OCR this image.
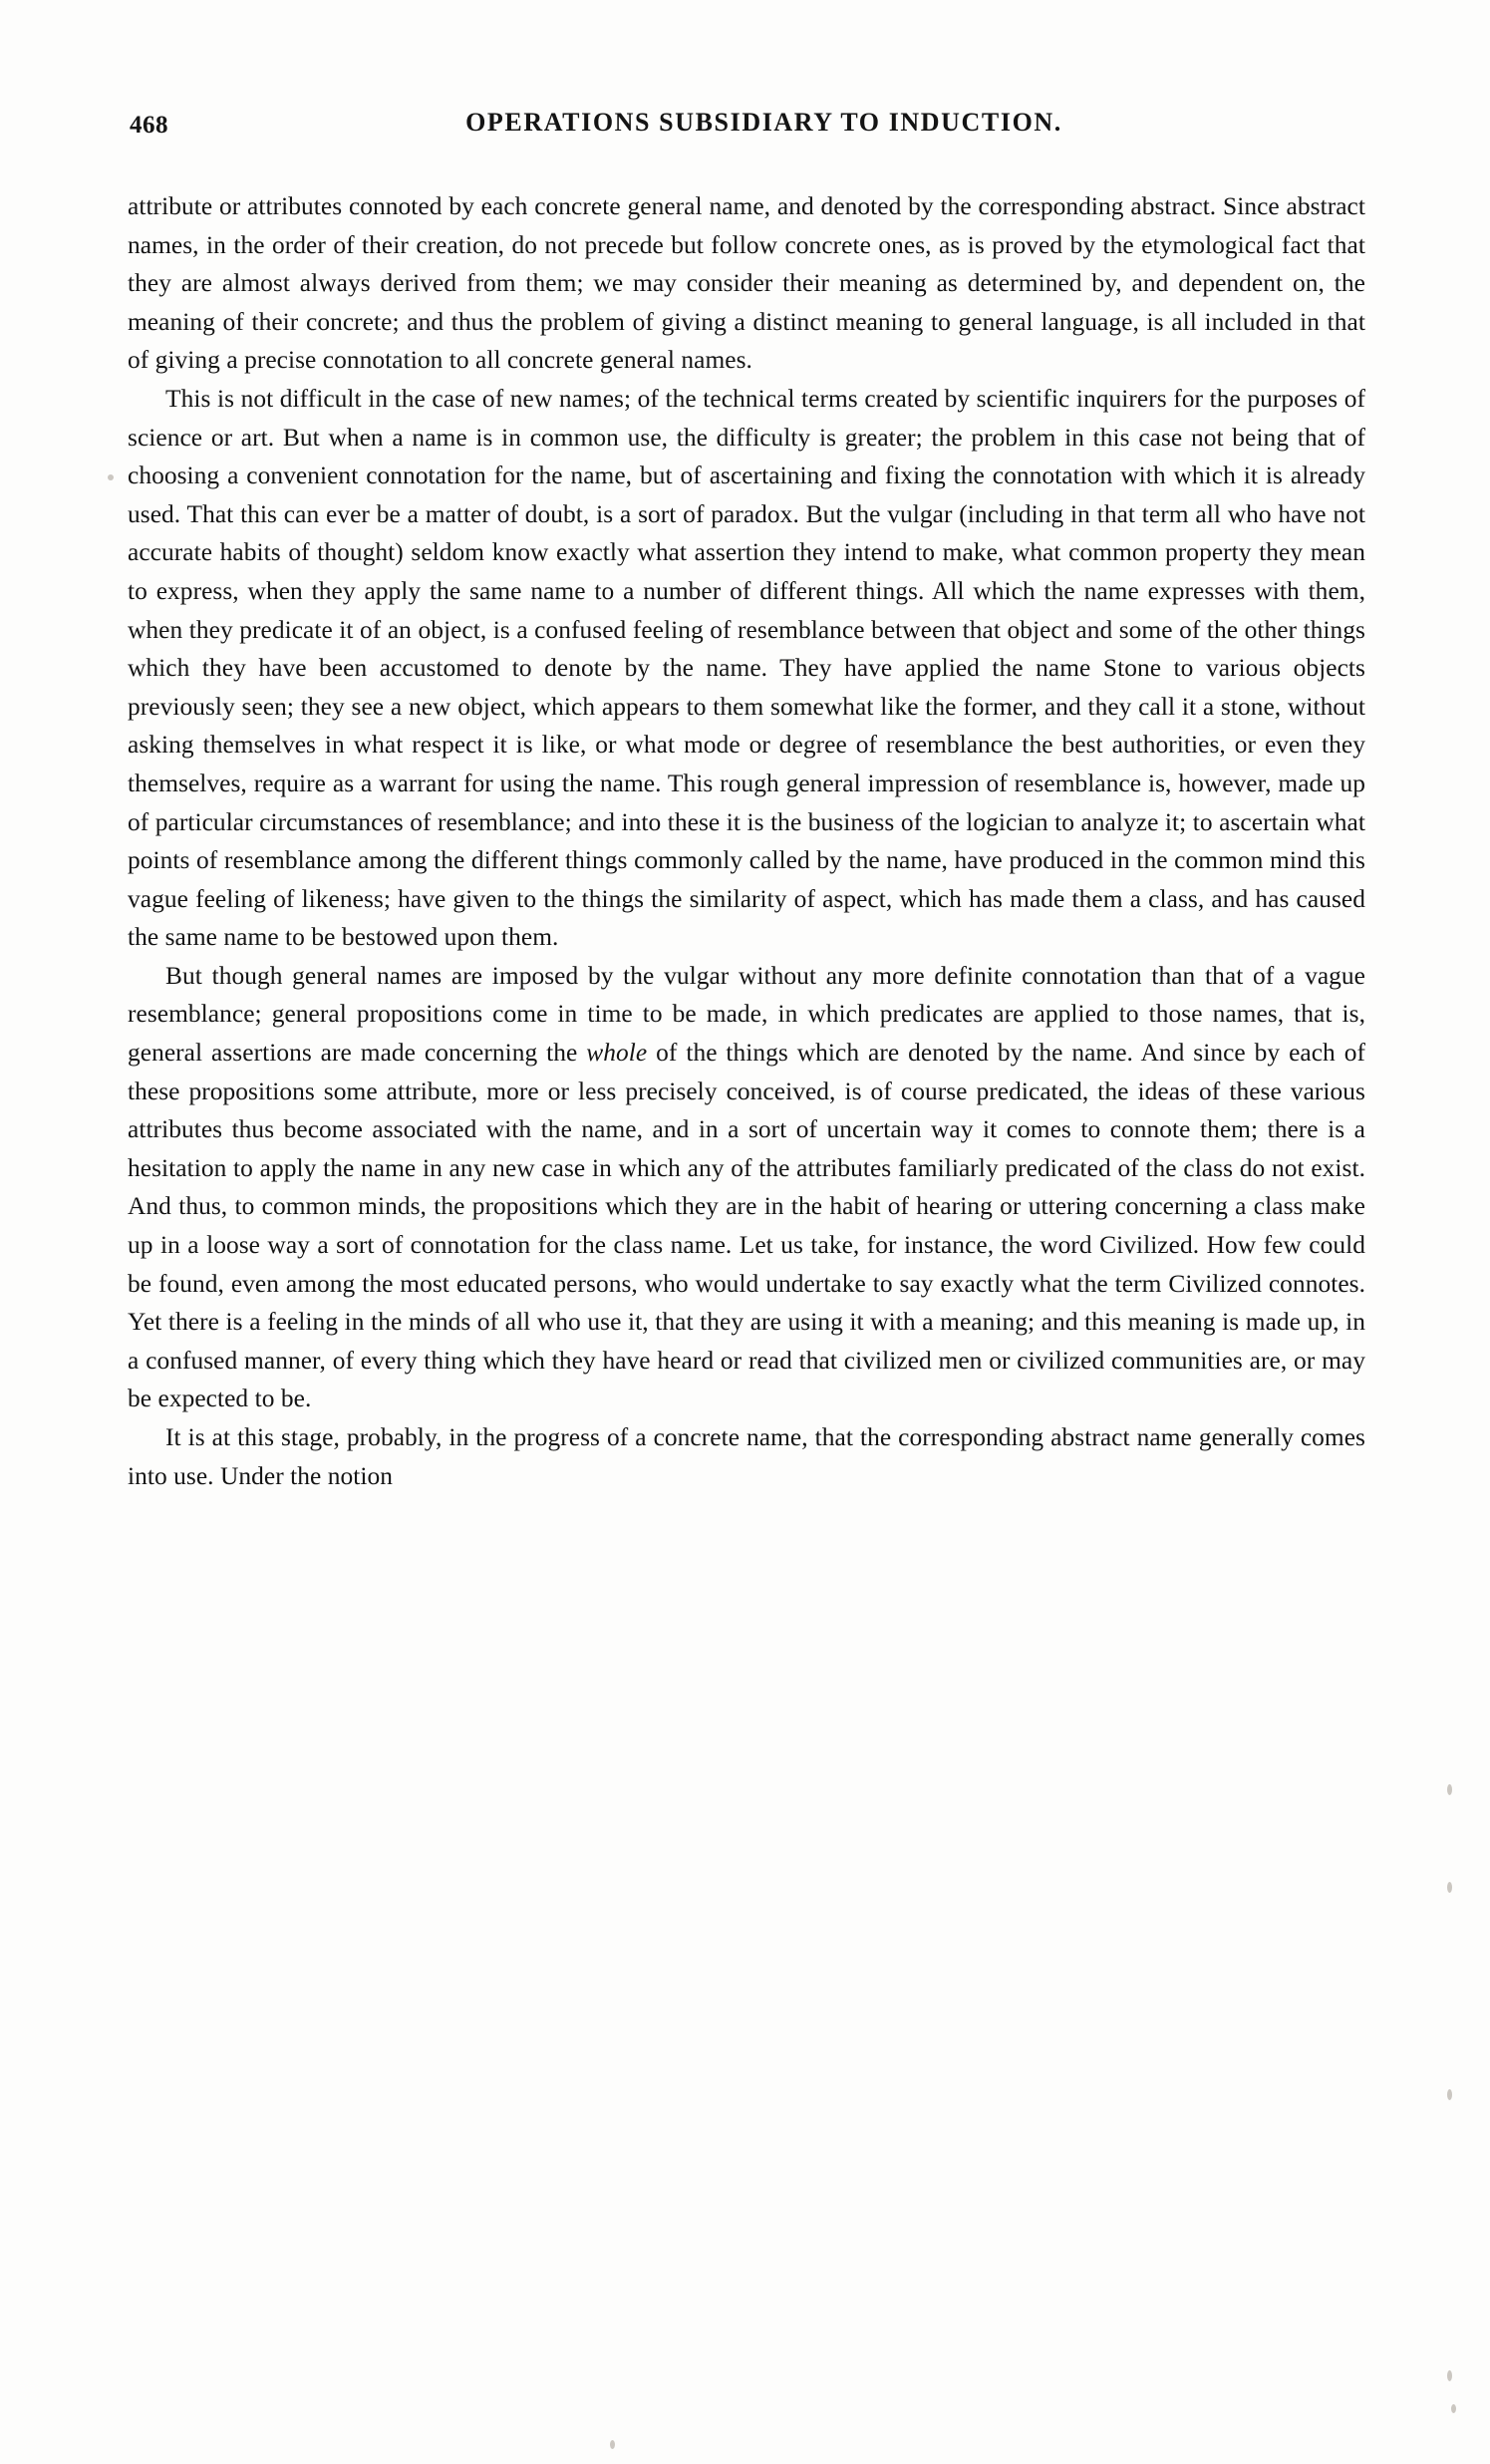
468	OPERATIONS SUBSIDIARY TO INDUCTION.

attribute or attributes connoted by each concrete general name, and denoted by the corresponding abstract. Since abstract names, in the order of their creation, do not precede but follow concrete ones, as is proved by the etymological fact that they are almost always derived from them; we may consider their meaning as determined by, and dependent on, the meaning of their concrete; and thus the problem of giving a distinct meaning to general language, is all included in that of giving a precise connotation to all concrete general names.

This is not difficult in the case of new names; of the technical terms created by scientific inquirers for the purposes of science or art. But when a name is in common use, the difficulty is greater; the problem in this case not being that of choosing a convenient connotation for the name, but of ascertaining and fixing the connotation with which it is already used. That this can ever be a matter of doubt, is a sort of paradox. But the vulgar (including in that term all who have not accurate habits of thought) seldom know exactly what assertion they intend to make, what common property they mean to express, when they apply the same name to a number of different things. All which the name expresses with them, when they predicate it of an object, is a confused feeling of resemblance between that object and some of the other things which they have been accustomed to denote by the name. They have applied the name Stone to various objects previously seen; they see a new object, which appears to them somewhat like the former, and they call it a stone, without asking themselves in what respect it is like, or what mode or degree of resemblance the best authorities, or even they themselves, require as a warrant for using the name. This rough general impression of resemblance is, however, made up of particular circumstances of resemblance; and into these it is the business of the logician to analyze it; to ascertain what points of resemblance among the different things commonly called by the name, have produced in the common mind this vague feeling of likeness; have given to the things the similarity of aspect, which has made them a class, and has caused the same name to be bestowed upon them.

But though general names are imposed by the vulgar without any more definite connotation than that of a vague resemblance; general propositions come in time to be made, in which predicates are applied to those names, that is, general assertions are made concerning the whole of the things which are denoted by the name. And since by each of these propositions some attribute, more or less precisely conceived, is of course predicated, the ideas of these various attributes thus become associated with the name, and in a sort of uncertain way it comes to connote them; there is a hesitation to apply the name in any new case in which any of the attributes familiarly predicated of the class do not exist. And thus, to common minds, the propositions which they are in the habit of hearing or uttering concerning a class make up in a loose way a sort of connotation for the class name. Let us take, for instance, the word Civilized. How few could be found, even among the most educated persons, who would undertake to say exactly what the term Civilized connotes. Yet there is a feeling in the minds of all who use it, that they are using it with a meaning; and this meaning is made up, in a confused manner, of every thing which they have heard or read that civilized men or civilized communities are, or may be expected to be.

It is at this stage, probably, in the progress of a concrete name, that the corresponding abstract name generally comes into use. Under the notion
